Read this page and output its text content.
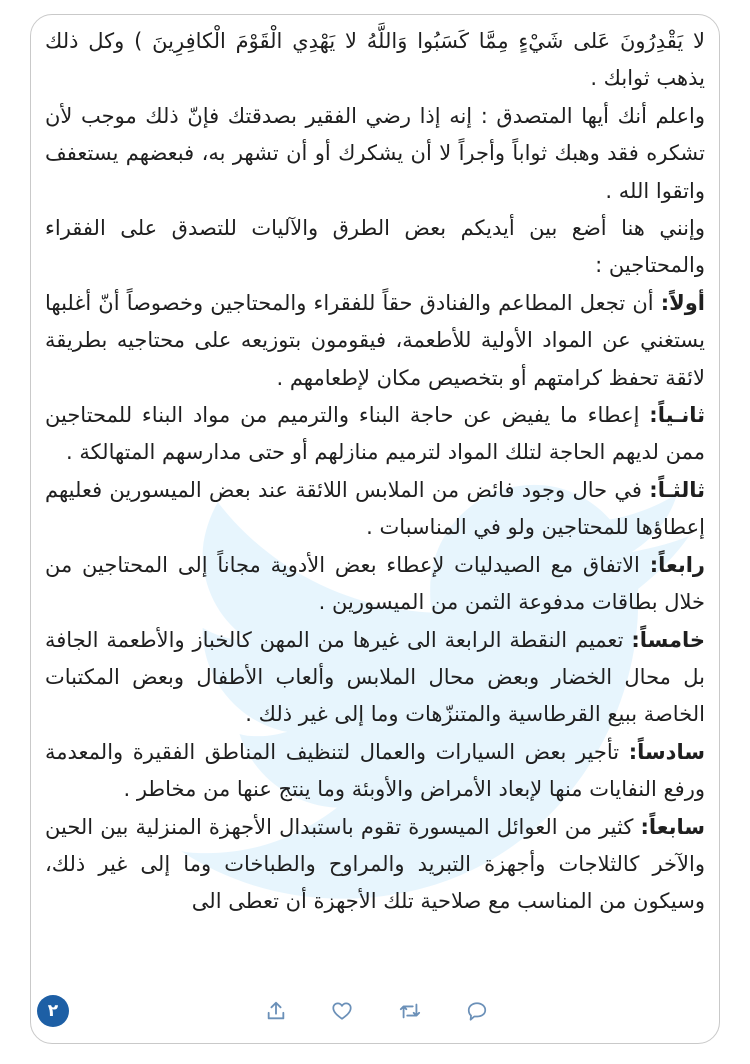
لا يَقْدِرُونَ عَلى شَيْءٍ مِمَّا كَسَبُوا وَاللَّهُ لا يَهْدِي الْقَوْمَ الْكافِرِينَ ) وكل ذلك يذهب ثوابك .

واعلم أنك أيها المتصدق : إنه إذا رضي الفقير بصدقتك فإنّ ذلك موجب لأن تشكره فقد وهبك ثواباً وأجراً لا أن يشكرك أو أن تشهر به، فبعضهم يستعفف واتقوا الله .

وإنني هنا أضع بين أيديكم بعض الطرق والآليات للتصدق على الفقراء والمحتاجين :

أولاً: أن تجعل المطاعم والفنادق حقاً للفقراء والمحتاجين وخصوصاً أنّ أغلبها يستغني عن المواد الأولية للأطعمة، فيقومون بتوزيعه على محتاجيه بطريقة لائقة تحفظ كرامتهم أو بتخصيص مكان لإطعامهم .

ثانـياً: إعطاء ما يفيض عن حاجة البناء والترميم من مواد البناء للمحتاجين ممن لديهم الحاجة لتلك المواد لترميم منازلهم أو حتى مدارسهم المتهالكة .

ثالثـاً: في حال وجود فائض من الملابس اللائقة عند بعض الميسورين فعليهم إعطاؤها للمحتاجين ولو في المناسبات .

رابعاً: الاتفاق مع الصيدليات لإعطاء بعض الأدوية مجاناً إلى المحتاجين من خلال بطاقات مدفوعة الثمن من الميسورين .

خامساً: تعميم النقطة الرابعة الى غيرها من المهن كالخباز والأطعمة الجافة بل محال الخضار وبعض محال الملابس وألعاب الأطفال وبعض المكتبات الخاصة ببيع القرطاسية والمتنزّهات وما إلى غير ذلك .

سادساً: تأجير بعض السيارات والعمال لتنظيف المناطق الفقيرة والمعدمة ورفع النفايات منها لإبعاد الأمراض والأوبئة وما ينتج عنها من مخاطر .

سابعاً: كثير من العوائل الميسورة تقوم باستبدال الأجهزة المنزلية بين الحين والآخر كالثلاجات وأجهزة التبريد والمراوح والطباخات وما إلى غير ذلك، وسيكون من المناسب مع صلاحية تلك الأجهزة أن تعطى الى

٢
